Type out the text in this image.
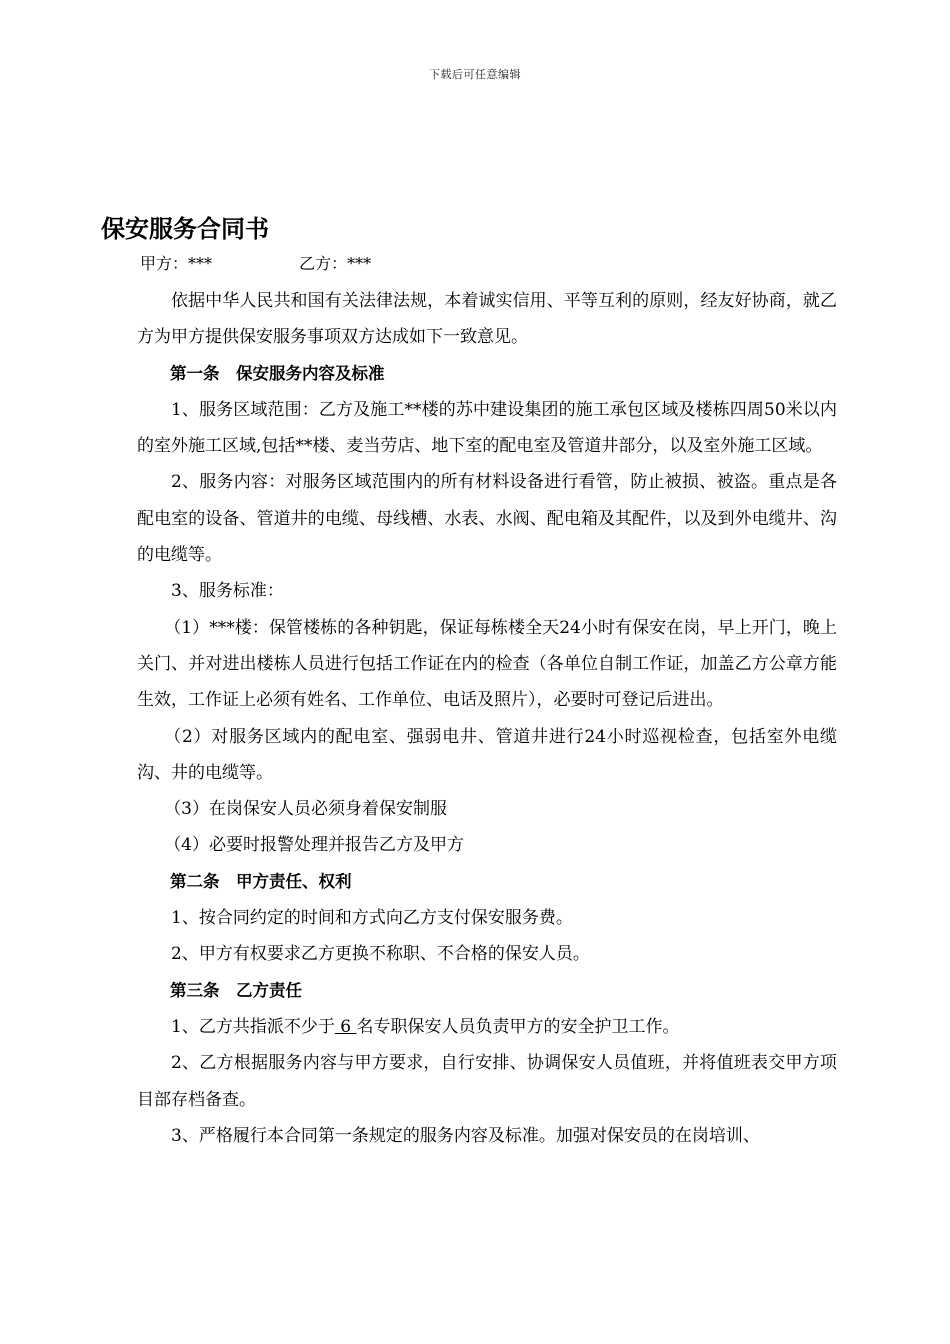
下载后可任意编辑
保安服务合同书
甲方：***	乙方：***

依据中华人民共和国有关法律法规，本着诚实信用、平等互利的原则，经友好协商，就乙方为甲方提供保安服务事项双方达成如下一致意见。

第一条　保安服务内容及标准

1、服务区域范围：乙方及施工**楼的苏中建设集团的施工承包区域及楼栋四周50米以内的室外施工区域,包括**楼、麦当劳店、地下室的配电室及管道井部分，以及室外施工区域。

2、服务内容：对服务区域范围内的所有材料设备进行看管，防止被损、被盗。重点是各配电室的设备、管道井的电缆、母线槽、水表、水阀、配电箱及其配件，以及到外电缆井、沟的电缆等。

3、服务标准：

（1）***楼：保管楼栋的各种钥匙，保证每栋楼全天24小时有保安在岗，早上开门，晚上关门、并对进出楼栋人员进行包括工作证在内的检查（各单位自制工作证，加盖乙方公章方能生效，工作证上必须有姓名、工作单位、电话及照片），必要时可登记后进出。

（2）对服务区域内的配电室、强弱电井、管道井进行24小时巡视检查，包括室外电缆沟、井的电缆等。

（3）在岗保安人员必须身着保安制服

（4）必要时报警处理并报告乙方及甲方

第二条　甲方责任、权利

1、按合同约定的时间和方式向乙方支付保安服务费。

2、甲方有权要求乙方更换不称职、不合格的保安人员。

第三条　乙方责任

1、乙方共指派不少于 6 名专职保安人员负责甲方的安全护卫工作。

2、乙方根据服务内容与甲方要求，自行安排、协调保安人员值班，并将值班表交甲方项目部存档备查。

3、严格履行本合同第一条规定的服务内容及标准。加强对保安员的在岗培训、
